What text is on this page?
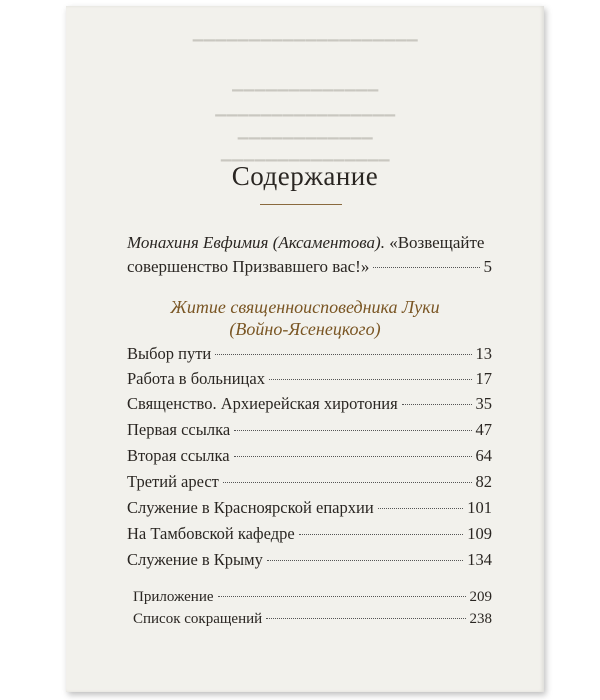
▁▁▁▁▁▁▁▁▁▁▁▁▁▁▁▁▁▁▁▁
▁▁▁▁▁▁▁▁▁▁▁▁▁
▁▁▁▁▁▁▁▁▁▁▁▁▁▁▁▁
▁▁▁▁▁▁▁▁▁▁▁▁
▁▁▁▁▁▁▁▁▁▁▁▁▁▁▁
Содержание
Монахиня Евфимия (Аксаментова). «Возвещайте
совершенство Призвавшего вас!»	5
Житие священноисповедника Луки
(Войно-Ясенецкого)
Выбор пути	13
Работа в больницах	17
Священство. Архиерейская хиротония	35
Первая ссылка	47
Вторая ссылка	64
Третий арест	82
Служение в Красноярской епархии	101
На Тамбовской кафедре	109
Служение в Крыму	134
Приложение	209
Список сокращений	238
